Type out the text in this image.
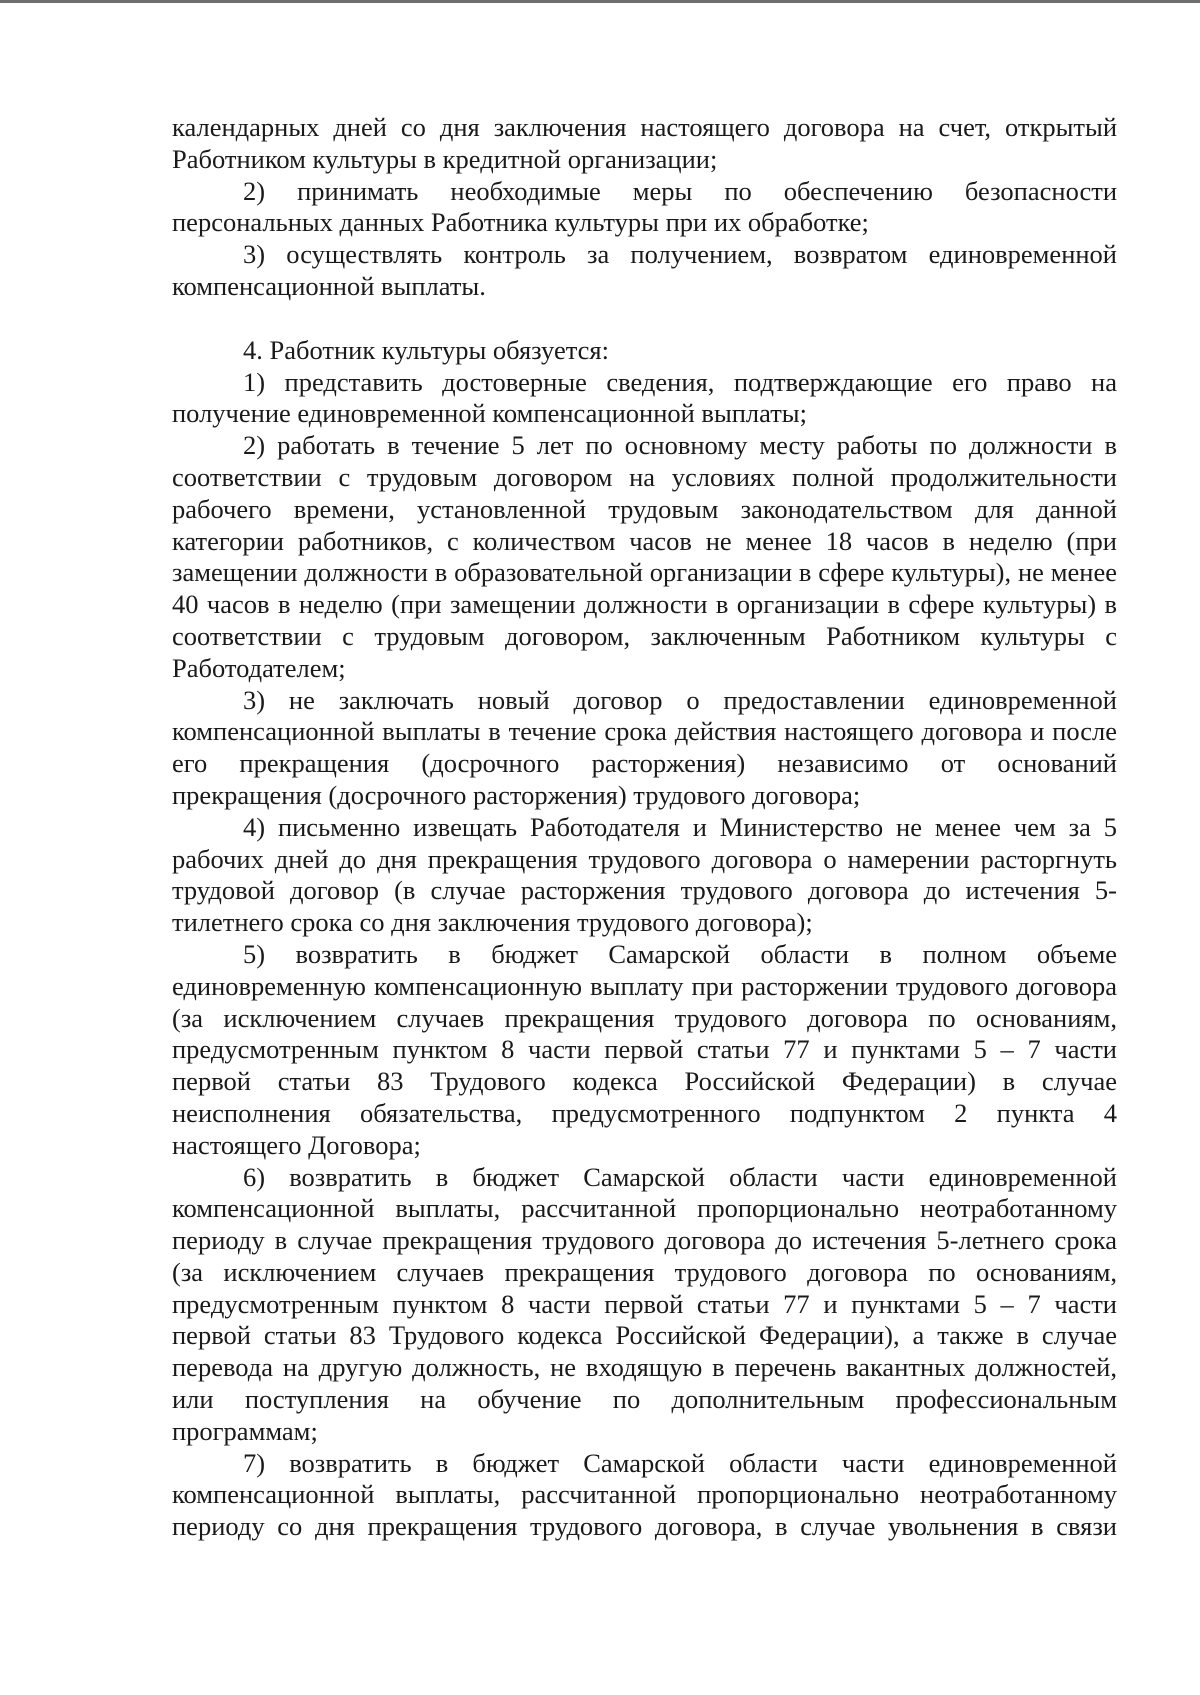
календарных дней со дня заключения настоящего договора на счет, открытый Работником культуры в кредитной организации;

2) принимать необходимые меры по обеспечению безопасности персональных данных Работника культуры при их обработке;

3) осуществлять контроль за получением, возвратом единовременной компенсационной выплаты.

4. Работник культуры обязуется:

1) представить достоверные сведения, подтверждающие его право на получение единовременной компенсационной выплаты;

2) работать в течение 5 лет по основному месту работы по должности в соответствии с трудовым договором на условиях полной продолжительности рабочего времени, установленной трудовым законодательством для данной категории работников, с количеством часов не менее 18 часов в неделю (при замещении должности в образовательной организации в сфере культуры), не менее 40 часов в неделю (при замещении должности в организации в сфере культуры) в соответствии с трудовым договором, заключенным Работником культуры с Работодателем;

3) не заключать новый договор о предоставлении единовременной компенсационной выплаты в течение срока действия настоящего договора и после его прекращения (досрочного расторжения) независимо от оснований прекращения (досрочного расторжения) трудового договора;

4) письменно извещать Работодателя и Министерство не менее чем за 5 рабочих дней до дня прекращения трудового договора о намерении расторгнуть трудовой договор (в случае расторжения трудового договора до истечения 5-тилетнего срока со дня заключения трудового договора);

5) возвратить в бюджет Самарской области в полном объеме единовременную компенсационную выплату при расторжении трудового договора (за исключением случаев прекращения трудового договора по основаниям, предусмотренным пунктом 8 части первой статьи 77 и пунктами 5 – 7 части первой статьи 83 Трудового кодекса Российской Федерации) в случае неисполнения обязательства, предусмотренного подпунктом 2 пункта 4 настоящего Договора;

6) возвратить в бюджет Самарской области части единовременной компенсационной выплаты, рассчитанной пропорционально неотработанному периоду в случае прекращения трудового договора до истечения 5-летнего срока (за исключением случаев прекращения трудового договора по основаниям, предусмотренным пунктом 8 части первой статьи 77 и пунктами 5 – 7 части первой статьи 83 Трудового кодекса Российской Федерации), а также в случае перевода на другую должность, не входящую в перечень вакантных должностей, или поступления на обучение по дополнительным профессиональным программам;

7) возвратить в бюджет Самарской области части единовременной компенсационной выплаты, рассчитанной пропорционально неотработанному периоду со дня прекращения трудового договора, в случае увольнения в связи
